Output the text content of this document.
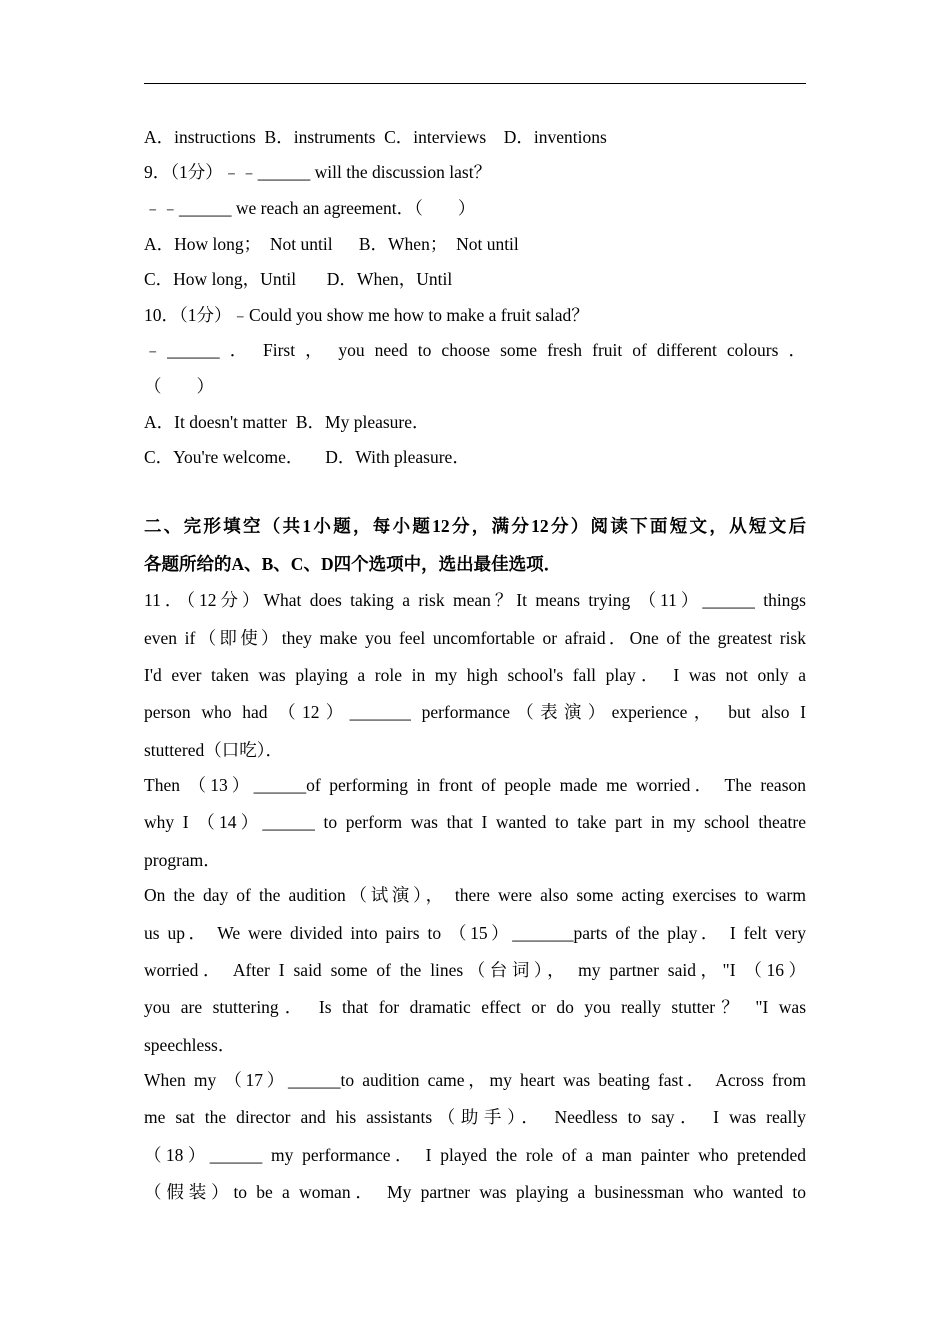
A．instructions  B．instruments  C．interviews    D．inventions
9．（1分）﹣﹣______ will the discussion last？
﹣﹣______ we reach an agreement．（　　）
A．How long；  Not until      B．When；  Not until
C．How long，Until       D．When，Until
10．（1分）﹣Could you show me how to make a fruit salad？
﹣______ ． First ， you need to choose some fresh fruit of different colours ．
（　　）
A．It doesn't matter  B．My pleasure．
C．You're welcome．     D．With pleasure．
二、完形填空（共1小题，每小题12分，满分12分）阅读下面短文，从短文后
各题所给的A、B、C、D四个选项中，选出最佳选项．
11．（12分）What does taking a risk mean？It means trying （11）______ things
even if（即使）they make you feel uncomfortable or afraid．One of the greatest risk
I'd ever taken was playing a role in my high school's fall play． I was not only a
person who had （12）_______ performance（表演）experience， but also I
stuttered（口吃）．
Then （13）______of performing in front of people made me worried． The reason
why I （14）______ to perform was that I wanted to take part in my school theatre
program．
On the day of the audition（试演）， there were also some acting exercises to warm
us up． We were divided into pairs to （15）_______parts of the play． I felt very
worried． After I said some of the lines（台词）， my partner said，"I （16）
you are stuttering． Is that for dramatic effect or do you really stutter？ "I was
speechless．
When my （17）______to audition came，my heart was beating fast． Across from
me sat the director and his assistants（助手）． Needless to say． I was really
（18）______ my performance． I played the role of a man painter who pretended
（假装）to be a woman． My partner was playing a businessman who wanted to
